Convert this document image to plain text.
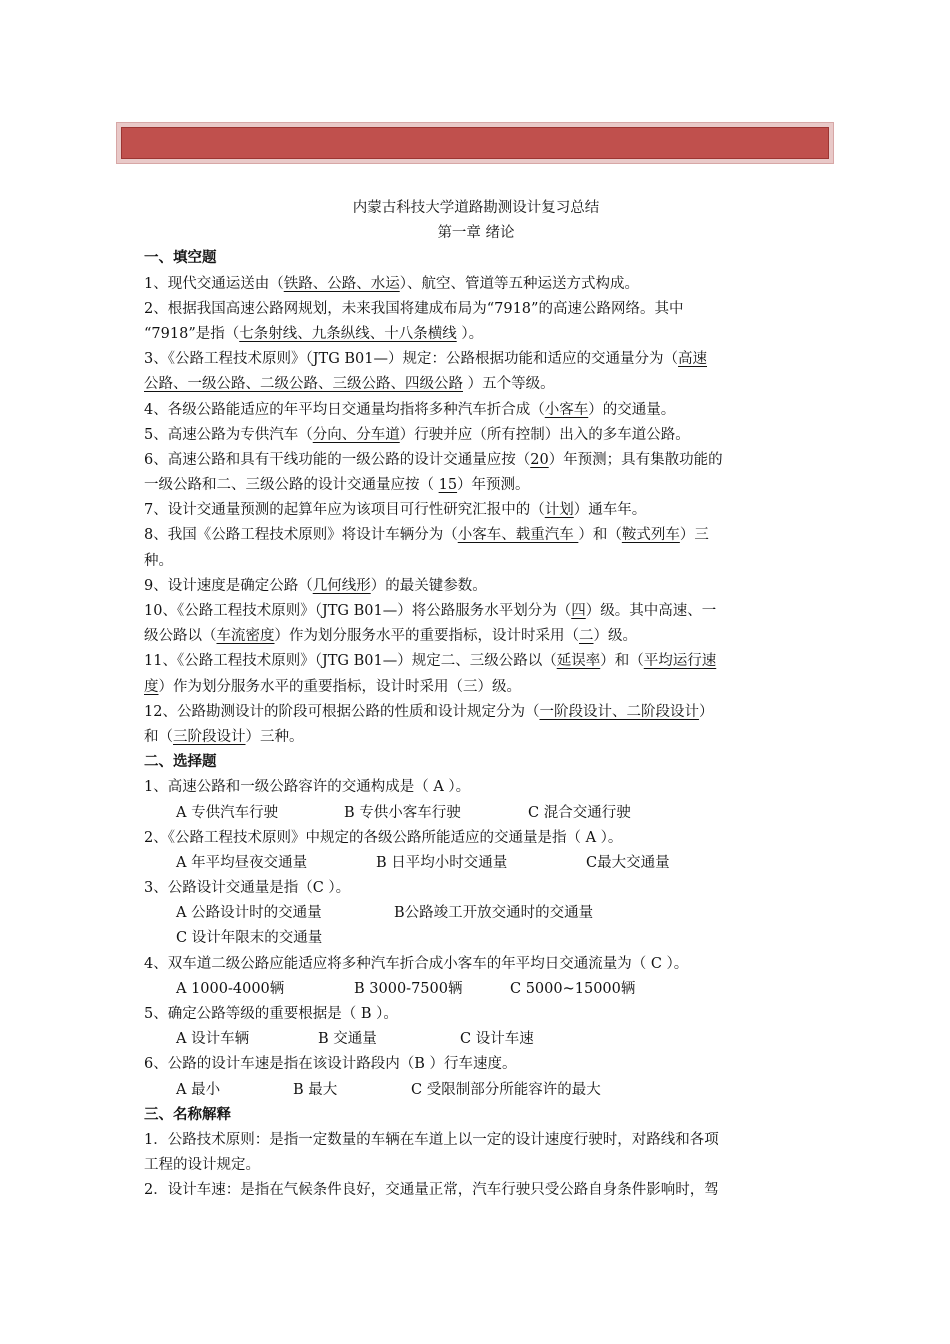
内蒙古科技大学道路勘测设计复习总结
第一章 绪论
一、填空题
1、现代交通运送由（铁路、公路、水运）、航空、管道等五种运送方式构成。
2、根据我国高速公路网规划，未来我国将建成布局为“7918”的高速公路网络。其中
“7918”是指（七条射线、九条纵线、十八条横线 ）。
3、《公路工程技术原则》（JTG B01—）规定：公路根据功能和适应的交通量分为（高速
公路、一级公路、二级公路、三级公路、四级公路 ）五个等级。
4、各级公路能适应的年平均日交通量均指将多种汽车折合成（小客车）的交通量。
5、高速公路为专供汽车（分向、分车道）行驶并应（所有控制）出入的多车道公路。
6、高速公路和具有干线功能的一级公路的设计交通量应按（20）年预测；具有集散功能的
一级公路和二、三级公路的设计交通量应按（ 15）年预测。
7、设计交通量预测的起算年应为该项目可行性研究汇报中的（计划）通车年。
8、我国《公路工程技术原则》将设计车辆分为（小客车、载重汽车 ）和（鞍式列车）三
种。
9、设计速度是确定公路（几何线形）的最关键参数。
10、《公路工程技术原则》（JTG B01—）将公路服务水平划分为（四）级。其中高速、一
级公路以（车流密度）作为划分服务水平的重要指标，设计时采用（二）级。
11、《公路工程技术原则》（JTG B01—）规定二、三级公路以（延误率）和（平均运行速
度）作为划分服务水平的重要指标，设计时采用（三）级。
12、公路勘测设计的阶段可根据公路的性质和设计规定分为（一阶段设计、二阶段设计）
和（三阶段设计）三种。
二、选择题
1、高速公路和一级公路容许的交通构成是（ A ）。
A 专供汽车行驶	B 专供小客车行驶	C 混合交通行驶
2、《公路工程技术原则》中规定的各级公路所能适应的交通量是指（ A ）。
A 年平均昼夜交通量	B 日平均小时交通量	C最大交通量
3、公路设计交通量是指（C ）。
A 公路设计时的交通量	B公路竣工开放交通时的交通量
C 设计年限末的交通量
4、双车道二级公路应能适应将多种汽车折合成小客车的年平均日交通流量为（ C ）。
A 1000-4000辆	B 3000-7500辆	C 5000~15000辆
5、确定公路等级的重要根据是（ B ）。
A 设计车辆	B 交通量	C 设计车速
6、公路的设计车速是指在该设计路段内（B ）行车速度。
A 最小	B 最大	C 受限制部分所能容许的最大
三、名称解释
1．公路技术原则：是指一定数量的车辆在车道上以一定的设计速度行驶时，对路线和各项
工程的设计规定。
2．设计车速：是指在气候条件良好，交通量正常，汽车行驶只受公路自身条件影响时，驾
